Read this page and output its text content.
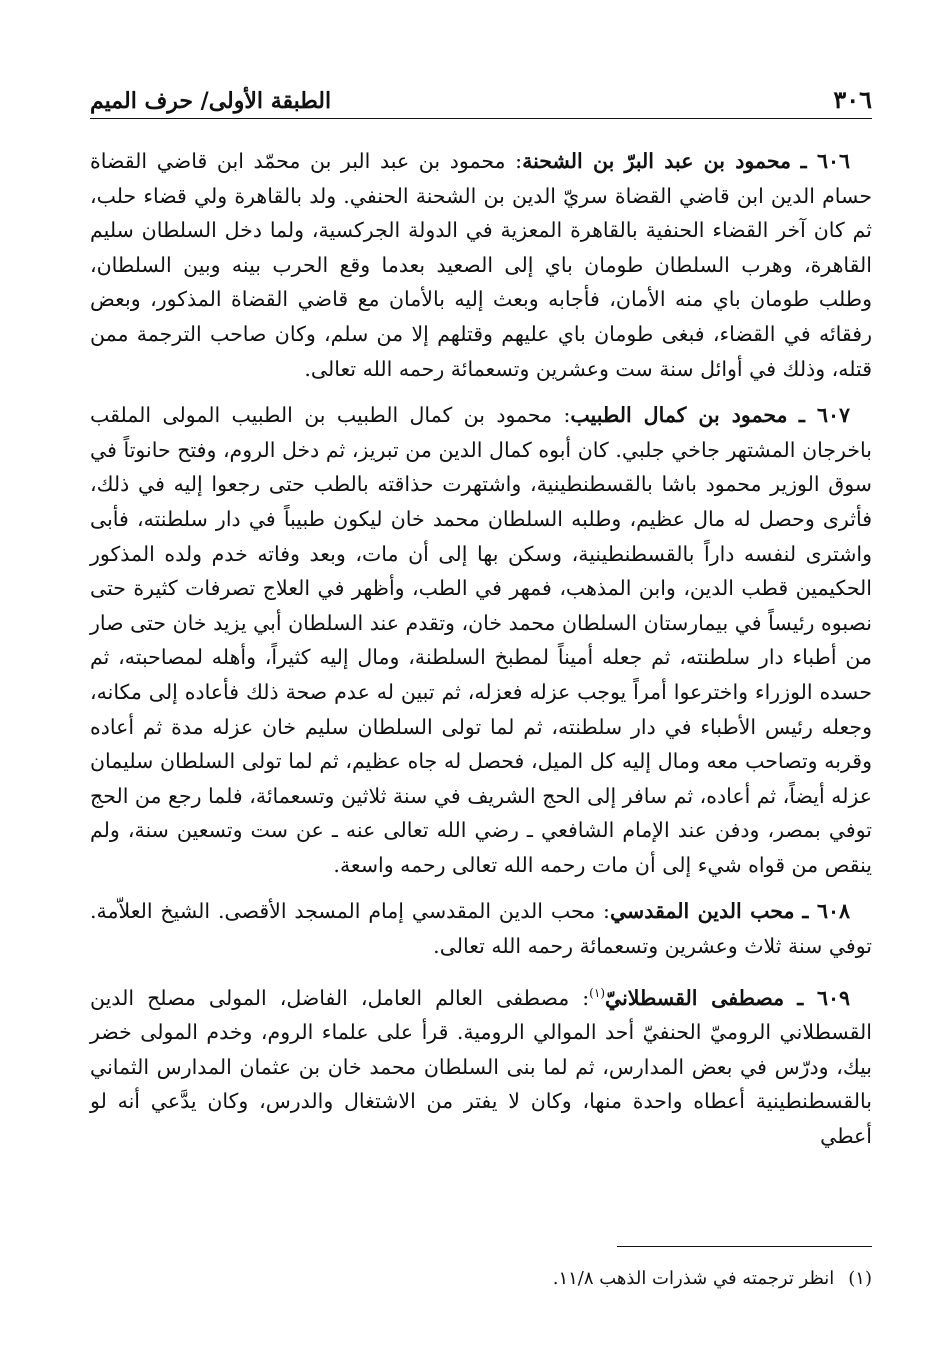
٣٠٦
الطبقة الأولى/ حرف الميم

٦٠٦ ـ محمود بن عبد البرّ بن الشحنة: محمود بن عبد البر بن محمّد ابن قاضي القضاة حسام الدين ابن قاضي القضاة سريّ الدين بن الشحنة الحنفي. ولد بالقاهرة ولي قضاء حلب، ثم كان آخر القضاء الحنفية بالقاهرة المعزية في الدولة الجركسية، ولما دخل السلطان سليم القاهرة، وهرب السلطان طومان باي إلى الصعيد بعدما وقع الحرب بينه وبين السلطان، وطلب طومان باي منه الأمان، فأجابه وبعث إليه بالأمان مع قاضي القضاة المذكور، وبعض رفقائه في القضاء، فبغى طومان باي عليهم وقتلهم إلا من سلم، وكان صاحب الترجمة ممن قتله، وذلك في أوائل سنة ست وعشرين وتسعمائة رحمه الله تعالى.

٦٠٧ ـ محمود بن كمال الطبيب: محمود بن كمال الطبيب بن الطبيب المولى الملقب باخرجان المشتهر جاخي جلبي. كان أبوه كمال الدين من تبريز، ثم دخل الروم، وفتح حانوتاً في سوق الوزير محمود باشا بالقسطنطينية، واشتهرت حذاقته بالطب حتى رجعوا إليه في ذلك، فأثرى وحصل له مال عظيم، وطلبه السلطان محمد خان ليكون طبيباً في دار سلطنته، فأبى واشترى لنفسه داراً بالقسطنطينية، وسكن بها إلى أن مات، وبعد وفاته خدم ولده المذكور الحكيمين قطب الدين، وابن المذهب، فمهر في الطب، وأظهر في العلاج تصرفات كثيرة حتى نصبوه رئيساً في بيمارستان السلطان محمد خان، وتقدم عند السلطان أبي يزيد خان حتى صار من أطباء دار سلطنته، ثم جعله أميناً لمطبخ السلطنة، ومال إليه كثيراً، وأهله لمصاحبته، ثم حسده الوزراء واخترعوا أمراً يوجب عزله فعزله، ثم تبين له عدم صحة ذلك فأعاده إلى مكانه، وجعله رئيس الأطباء في دار سلطنته، ثم لما تولى السلطان سليم خان عزله مدة ثم أعاده وقربه وتصاحب معه ومال إليه كل الميل، فحصل له جاه عظيم، ثم لما تولى السلطان سليمان عزله أيضاً، ثم أعاده، ثم سافر إلى الحج الشريف في سنة ثلاثين وتسعمائة، فلما رجع من الحج توفي بمصر، ودفن عند الإمام الشافعي ـ رضي الله تعالى عنه ـ عن ست وتسعين سنة، ولم ينقص من قواه شيء إلى أن مات رحمه الله تعالى رحمه واسعة.

٦٠٨ ـ محب الدين المقدسي: محب الدين المقدسي إمام المسجد الأقصى. الشيخ العلاّمة. توفي سنة ثلاث وعشرين وتسعمائة رحمه الله تعالى.

٦٠٩ ـ مصطفى القسطلانيّ$^{(١)}$: مصطفى العالم العامل، الفاضل، المولى مصلح الدين القسطلاني الروميّ الحنفيّ أحد الموالي الرومية. قرأ على علماء الروم، وخدم المولى خضر بيك، ودرّس في بعض المدارس، ثم لما بنى السلطان محمد خان بن عثمان المدارس الثماني بالقسطنطينية أعطاه واحدة منها، وكان لا يفتر من الاشتغال والدرس، وكان يدَّعي أنه لو أعطي

(١)انظر ترجمته في شذرات الذهب ١١/٨.
